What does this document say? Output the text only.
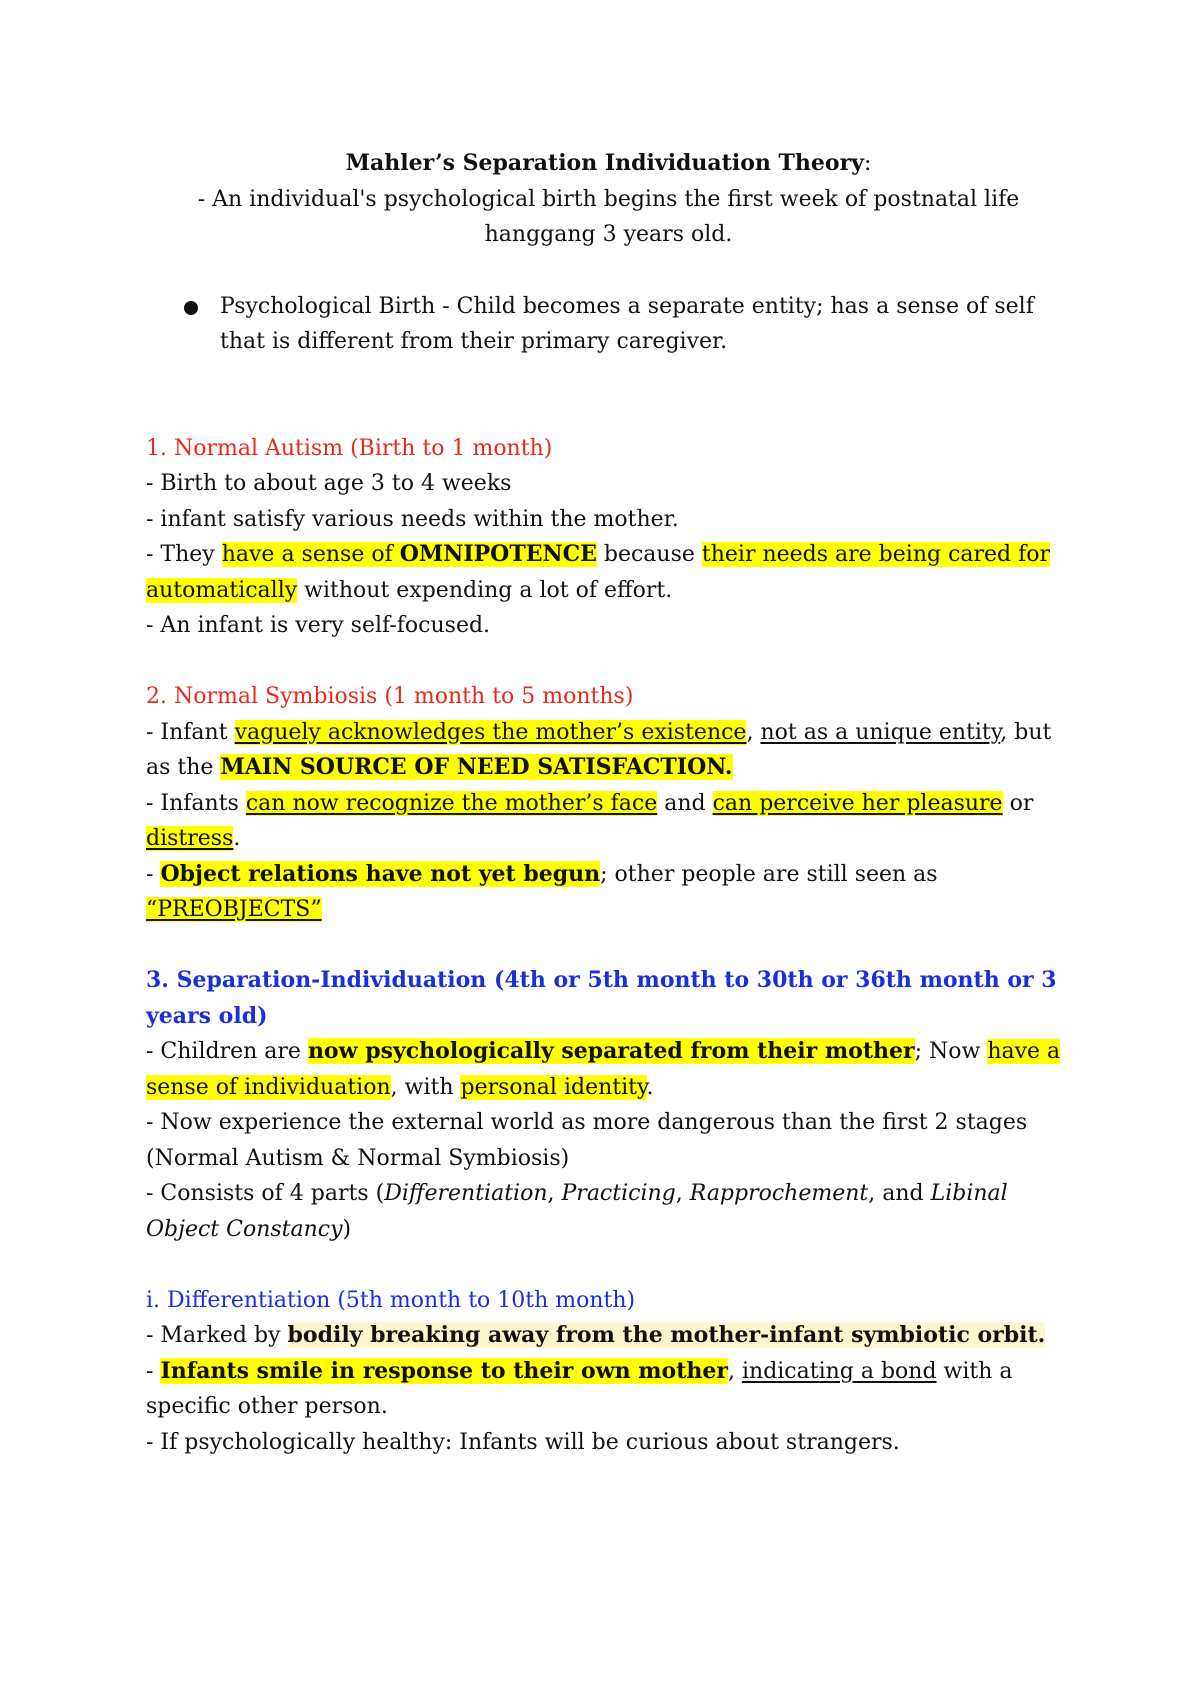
Mahler’s Separation Individuation Theory:

- An individual's psychological birth begins the first week of postnatal life hanggang 3 years old.

Psychological Birth - Child becomes a separate entity; has a sense of self that is different from their primary caregiver.

1. Normal Autism (Birth to 1 month)

- Birth to about age 3 to 4 weeks

- infant satisfy various needs within the mother.

- They have a sense of OMNIPOTENCE because their needs are being cared for automatically without expending a lot of effort.

- An infant is very self-focused.

2. Normal Symbiosis (1 month to 5 months)

- Infant vaguely acknowledges the mother’s existence, not as a unique entity, but as the MAIN SOURCE OF NEED SATISFACTION.

- Infants can now recognize the mother’s face and can perceive her pleasure or distress.

- Object relations have not yet begun; other people are still seen as “PREOBJECTS”

3. Separation-Individuation (4th or 5th month to 30th or 36th month or 3 years old)

- Children are now psychologically separated from their mother; Now have a sense of individuation, with personal identity.

- Now experience the external world as more dangerous than the first 2 stages (Normal Autism & Normal Symbiosis)

- Consists of 4 parts (Differentiation, Practicing, Rapprochement, and Libinal Object Constancy)

i. Differentiation (5th month to 10th month)

- Marked by bodily breaking away from the mother-infant symbiotic orbit.

- Infants smile in response to their own mother, indicating a bond with a specific other person.

- If psychologically healthy: Infants will be curious about strangers.
